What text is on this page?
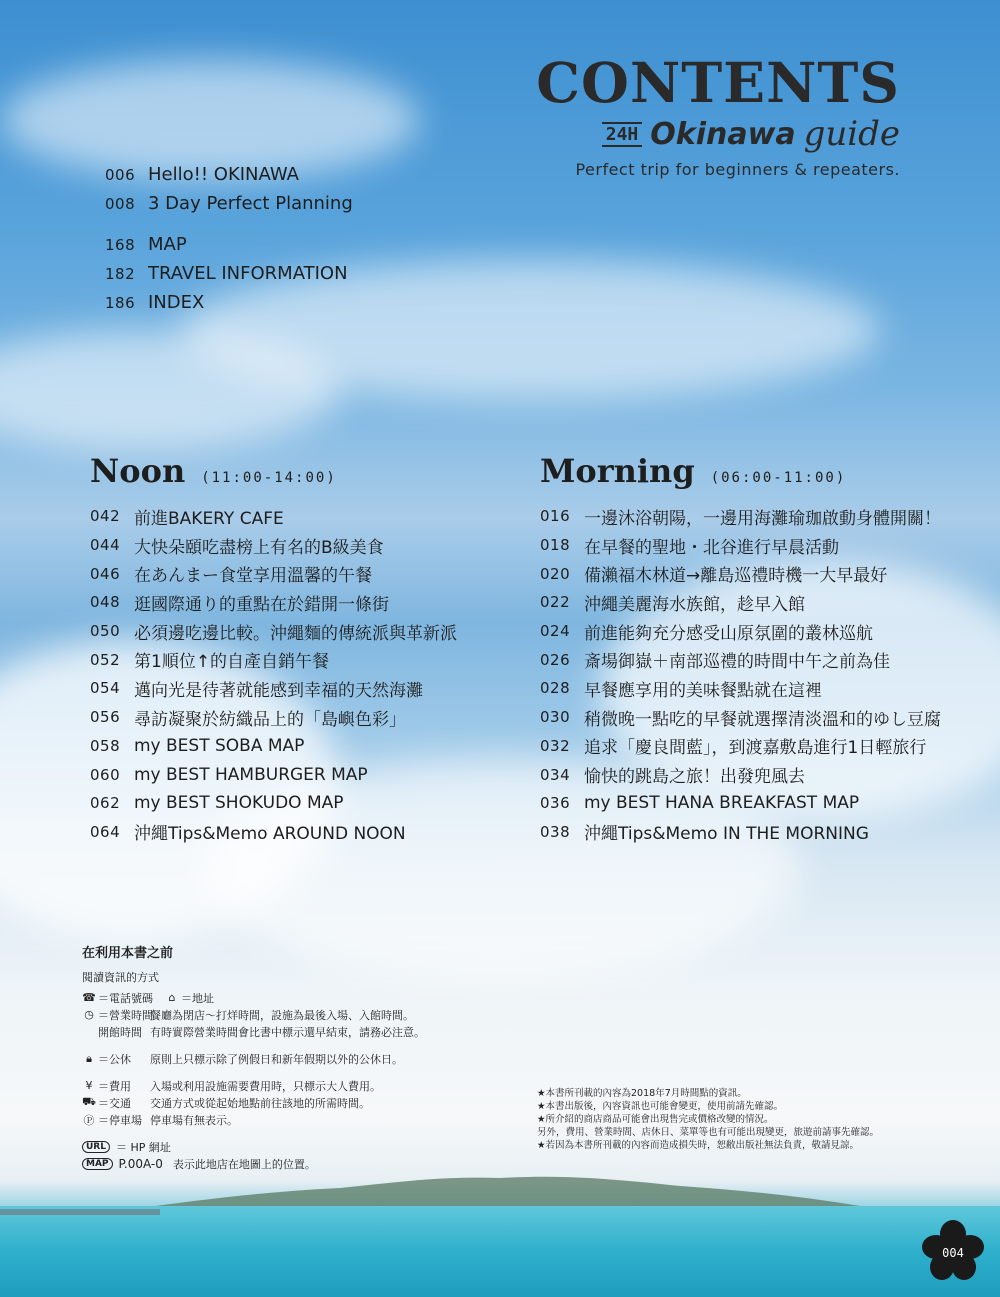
CONTENTS
24H Okinawa guide
Perfect trip for beginners & repeaters.
006 Hello!! OKINAWA
008 3 Day Perfect Planning
168 MAP
182 TRAVEL INFORMATION
186 INDEX
Noon (11:00-14:00)
042 前進BAKERY CAFE
044 大快朵頤吃盡榜上有名的B級美食
046 在あんまー食堂享用溫馨的午餐
048 逛國際通り的重點在於錯開一條街
050 必須邊吃邊比較。沖繩麵的傳統派與革新派
052 第1順位↑的自產自銷午餐
054 邁向光是待著就能感到幸福的天然海灘
056 尋訪凝聚於紡織品上的「島嶼色彩」
058 my BEST SOBA MAP
060 my BEST HAMBURGER MAP
062 my BEST SHOKUDO MAP
064 沖繩Tips&Memo AROUND NOON
Morning (06:00-11:00)
016 一邊沐浴朝陽，一邊用海灘瑜珈啟動身體開關！
018 在早餐的聖地・北谷進行早晨活動
020 備瀨福木林道→離島巡禮時機一大早最好
022 沖繩美麗海水族館，趁早入館
024 前進能夠充分感受山原氛圍的叢林巡航
026 斎場御嶽＋南部巡禮的時間中午之前為佳
028 早餐應享用的美味餐點就在這裡
030 稍微晚一點吃的早餐就選擇清淡溫和的ゆし豆腐
032 追求「慶良間藍」，到渡嘉敷島進行1日輕旅行
034 愉快的跳島之旅！出發兜風去
036 my BEST HANA BREAKFAST MAP
038 沖繩Tips&Memo IN THE MORNING
在利用本書之前
閱讀資訊的方式
☎ ＝電話號碼	⌂ ＝地址
◷ ＝營業時間
餐廳為閉店～打烊時間，設施為最後入場、入館時間。
開館時間 有時實際營業時間會比書中標示還早結束，請務必注意。
🔒︎ ＝公休	原則上只標示除了例假日和新年假期以外的公休日。
¥ ＝費用	入場或利用設施需要費用時，只標示大人費用。
⛟ ＝交通	交通方式或從起始地點前往該地的所需時間。
Ⓟ ＝停車場 停車場有無表示。
URL ＝ HP 網址
MAP P.00A-0 表示此地店在地圖上的位置。
★本書所刊載的內容為2018年7月時間點的資訊。
★本書出版後，內容資訊也可能會變更，使用前請先確認。
★所介紹的商店商品可能會出現售完或價格改變的情況。
另外，費用、營業時間、店休日、菜單等也有可能出現變更，旅遊前請事先確認。
★若因為本書所刊載的內容而造成損失時，恕敝出版社無法負責，敬請見諒。
004
